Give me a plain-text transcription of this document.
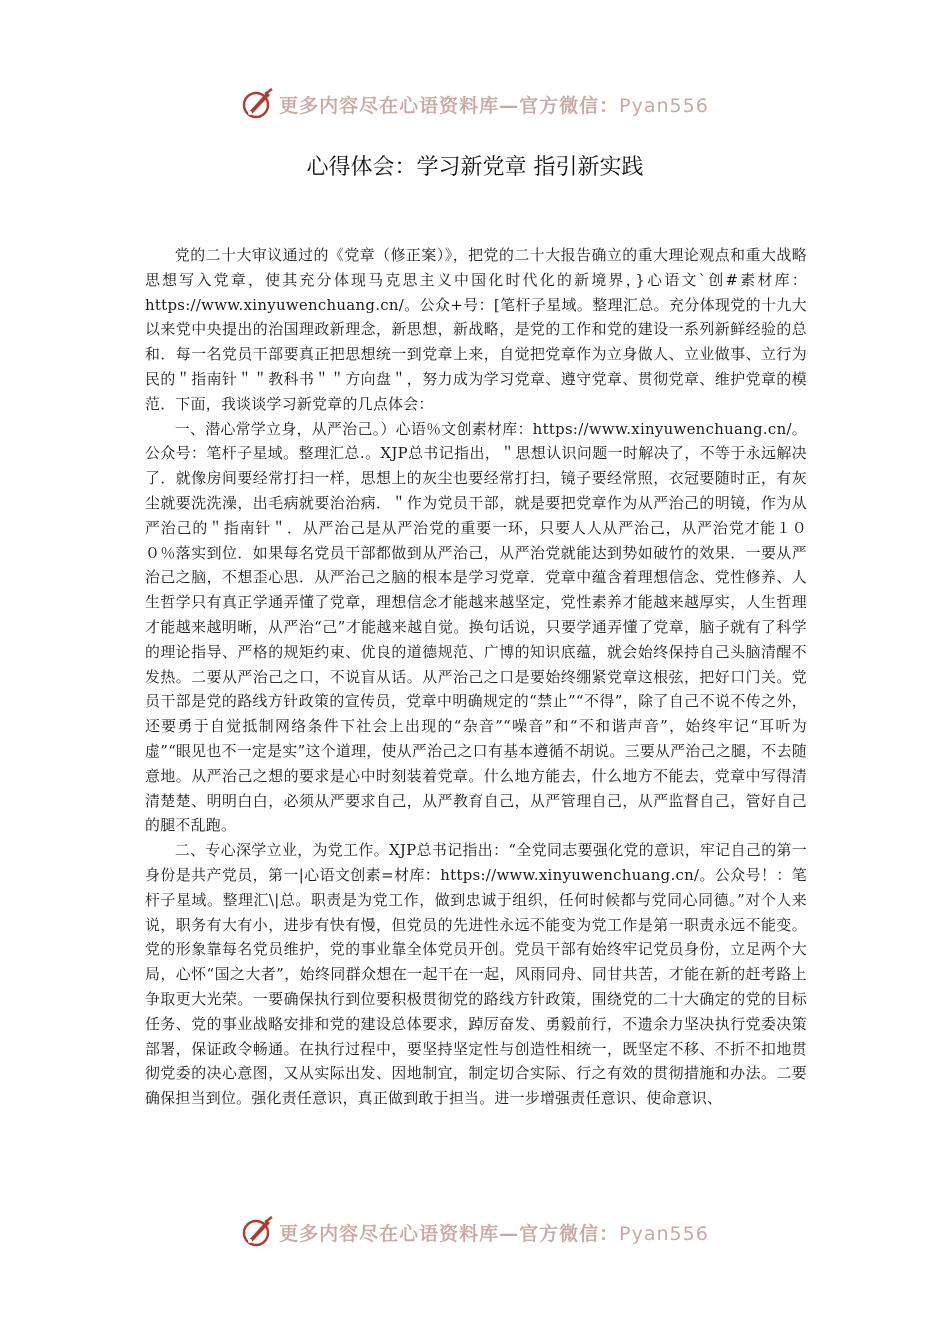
更多内容尽在心语资料库—官方微信：Pyan556
心得体会：学习新党章 指引新实践

党的二十大审议通过的《党章（修正案）》，把党的二十大报告确立的重大理论观点和重大战略思想写入党章，使其充分体现马克思主义中国化时代化的新境界，}心语文`创#素材库：https://www.xinyuwenchuang.cn/。公众+号：[笔杆子星域。整理汇总。充分体现党的十九大以来党中央提出的治国理政新理念，新思想，新战略，是党的工作和党的建设一系列新鲜经验的总和．每一名党员干部要真正把思想统一到党章上来，自觉把党章作为立身做人、立业做事、立行为民的＂指南针＂＂教科书＂＂方向盘＂，努力成为学习党章、遵守党章、贯彻党章、维护党章的模范．下面，我谈谈学习新党章的几点体会：

一、潜心常学立身，从严治己。）心语％文创素材库：https://www.xinyuwenchuang.cn/。公众号：笔杆子星域。整理汇总.。XJP总书记指出，＂思想认识问题一时解决了，不等于永远解决了．就像房间要经常打扫一样，思想上的灰尘也要经常打扫，镜子要经常照，衣冠要随时正，有灰尘就要洗洗澡，出毛病就要治治病．＂作为党员干部，就是要把党章作为从严治己的明镜，作为从严治己的＂指南针＂．从严治己是从严治党的重要一环，只要人人从严治己，从严治党才能１００％落实到位．如果每名党员干部都做到从严治己，从严治党就能达到势如破竹的效果．一要从严治己之脑，不想歪心思．从严治己之脑的根本是学习党章．党章中蕴含着理想信念、党性修养、人生哲学只有真正学通弄懂了党章，理想信念才能越来越坚定，党性素养才能越来越厚实，人生哲理才能越来越明晰，从严治“己”才能越来越自觉。换句话说，只要学通弄懂了党章，脑子就有了科学的理论指导、严格的规矩约束、优良的道德规范、广博的知识底蕴，就会始终保持自己头脑清醒不发热。二要从严治己之口，不说盲从话。从严治己之口是要始终绷紧党章这根弦，把好口门关。党员干部是党的路线方针政策的宣传员，党章中明确规定的“禁止”“不得”，除了自己不说不传之外，还要勇于自觉抵制网络条件下社会上出现的“杂音”“噪音”和“不和谐声音”，始终牢记“耳听为虚”“眼见也不一定是实”这个道理，使从严治己之口有基本遵循不胡说。三要从严治己之腿，不去随意地。从严治己之想的要求是心中时刻装着党章。什么地方能去，什么地方不能去，党章中写得清清楚楚、明明白白，必须从严要求自己，从严教育自己，从严管理自己，从严监督自己，管好自己的腿不乱跑。

二、专心深学立业，为党工作。XJP总书记指出：“全党同志要强化党的意识，牢记自己的第一身份是共产党员，第一|心语文创素=材库：https://www.xinyuwenchuang.cn/。公众号！：笔杆子星域。整理汇\|总。职责是为党工作，做到忠诚于组织，任何时候都与党同心同德。”对个人来说，职务有大有小，进步有快有慢，但党员的先进性永远不能变为党工作是第一职责永远不能变。党的形象靠每名党员维护，党的事业靠全体党员开创。党员干部有始终牢记党员身份，立足两个大局，心怀“国之大者”，始终同群众想在一起干在一起，风雨同舟、同甘共苦，才能在新的赶考路上争取更大光荣。一要确保执行到位要积极贯彻党的路线方针政策，围绕党的二十大确定的党的目标任务、党的事业战略安排和党的建设总体要求，踔厉奋发、勇毅前行，不遗余力坚决执行党委决策部署，保证政令畅通。在执行过程中，要坚持坚定性与创造性相统一，既坚定不移、不折不扣地贯彻党委的决心意图，又从实际出发、因地制宜，制定切合实际、行之有效的贯彻措施和办法。二要确保担当到位。强化责任意识，真正做到敢于担当。进一步增强责任意识、使命意识、

更多内容尽在心语资料库—官方微信：Pyan556
